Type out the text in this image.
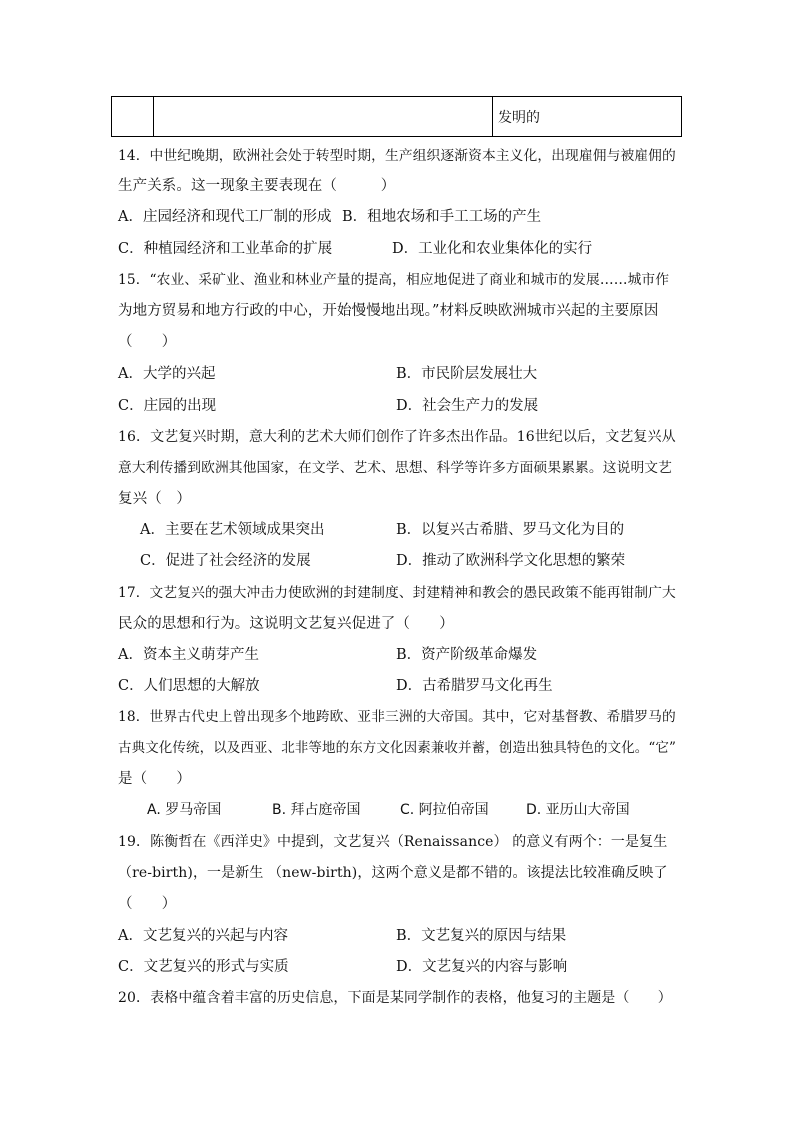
		发明的
14．中世纪晚期，欧洲社会处于转型时期，生产组织逐渐资本主义化，出现雇佣与被雇佣的
生产关系。这一现象主要表现在（　　　）
A．庄园经济和现代工厂制的形成 B．租地农场和手工工场的产生
C．种植园经济和工业革命的扩展	D．工业化和农业集体化的实行
15．“农业、采矿业、渔业和林业产量的提高，相应地促进了商业和城市的发展……城市作
为地方贸易和地方行政的中心，开始慢慢地出现。”材料反映欧洲城市兴起的主要原因
（　　）
A．大学的兴起	B．市民阶层发展壮大
C．庄园的出现	D．社会生产力的发展
16．文艺复兴时期，意大利的艺术大师们创作了许多杰出作品。16世纪以后，文艺复兴从
意大利传播到欧洲其他国家，在文学、艺术、思想、科学等许多方面硕果累累。这说明文艺
复兴（　）
A．主要在艺术领域成果突出	B．以复兴古希腊、罗马文化为目的
C．促进了社会经济的发展	D．推动了欧洲科学文化思想的繁荣
17．文艺复兴的强大冲击力使欧洲的封建制度、封建精神和教会的愚民政策不能再钳制广大
民众的思想和行为。这说明文艺复兴促进了（　　）
A．资本主义萌芽产生	B．资产阶级革命爆发
C．人们思想的大解放	D．古希腊罗马文化再生
18．世界古代史上曾出现多个地跨欧、亚非三洲的大帝国。其中，它对基督教、希腊罗马的
古典文化传统，以及西亚、北非等地的东方文化因素兼收并蓄，创造出独具特色的文化。“它”
是（　　）
A. 罗马帝国	B. 拜占庭帝国	C. 阿拉伯帝国	D. 亚历山大帝国
19．陈衡哲在《西洋史》中提到，文艺复兴（Renaissance） 的意义有两个：一是复生
（re-birth)，一是新生 （new-birth)，这两个意义是都不错的。该提法比较准确反映了
（　　）
A．文艺复兴的兴起与内容	B．文艺复兴的原因与结果
C．文艺复兴的形式与实质	D．文艺复兴的内容与影响
20．表格中蕴含着丰富的历史信息，下面是某同学制作的表格，他复习的主题是（　　）
